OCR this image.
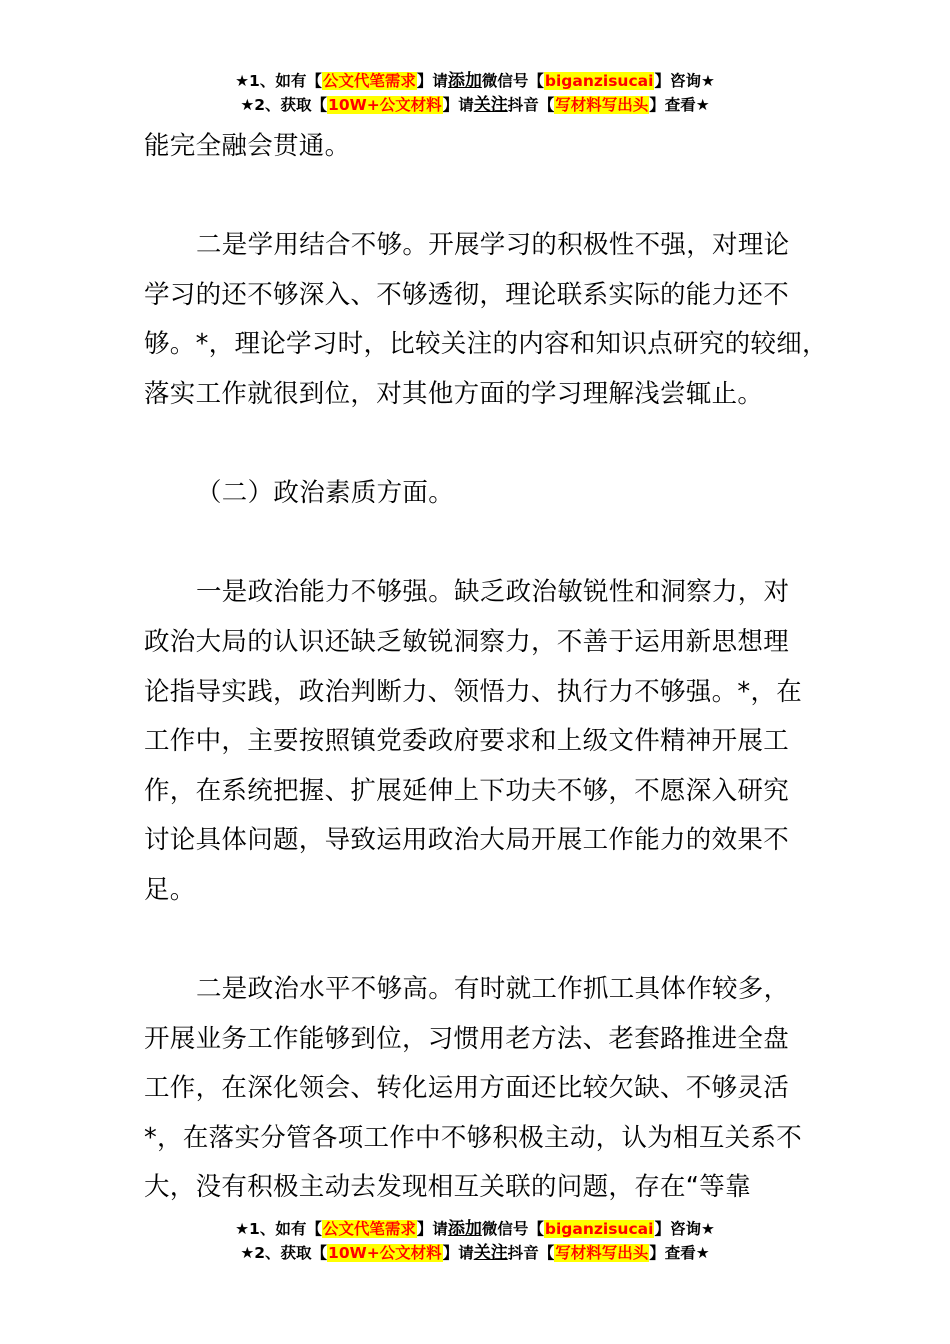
★1、如有【公文代笔需求】请添加微信号【biganzisucai】咨询★
★2、获取【10W+公文材料】请关注抖音【写材料写出头】查看★

能完全融会贯通。

二是学用结合不够。开展学习的积极性不强，对理论
学习的还不够深入、不够透彻，理论联系实际的能力还不
够。*，理论学习时，比较关注的内容和知识点研究的较细，
落实工作就很到位，对其他方面的学习理解浅尝辄止。

（二）政治素质方面。

一是政治能力不够强。缺乏政治敏锐性和洞察力，对
政治大局的认识还缺乏敏锐洞察力，不善于运用新思想理
论指导实践，政治判断力、领悟力、执行力不够强。*，在
工作中，主要按照镇党委政府要求和上级文件精神开展工
作，在系统把握、扩展延伸上下功夫不够，不愿深入研究
讨论具体问题，导致运用政治大局开展工作能力的效果不
足。

二是政治水平不够高。有时就工作抓工具体作较多，
开展业务工作能够到位，习惯用老方法、老套路推进全盘
工作，在深化领会、转化运用方面还比较欠缺、不够灵活
*，在落实分管各项工作中不够积极主动，认为相互关系不
大，没有积极主动去发现相互关联的问题，存在“等靠

★1、如有【公文代笔需求】请添加微信号【biganzisucai】咨询★
★2、获取【10W+公文材料】请关注抖音【写材料写出头】查看★
